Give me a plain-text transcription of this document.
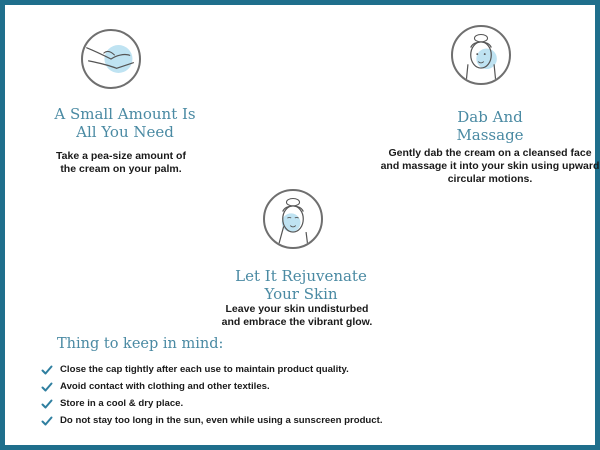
A Small Amount Is
All You Need
Take a pea-size amount of the cream on your palm.
Dab And
Massage
Gently dab the cream on a cleansed face and massage it into your skin using upward circular motions.
Let It Rejuvenate
Your Skin
Leave your skin undisturbed and embrace the vibrant glow.
Thing to keep in mind:
Close the cap tightly after each use to maintain product quality.
Avoid contact with clothing and other textiles.
Store in a cool & dry place.
Do not stay too long in the sun, even while using a sunscreen product.
